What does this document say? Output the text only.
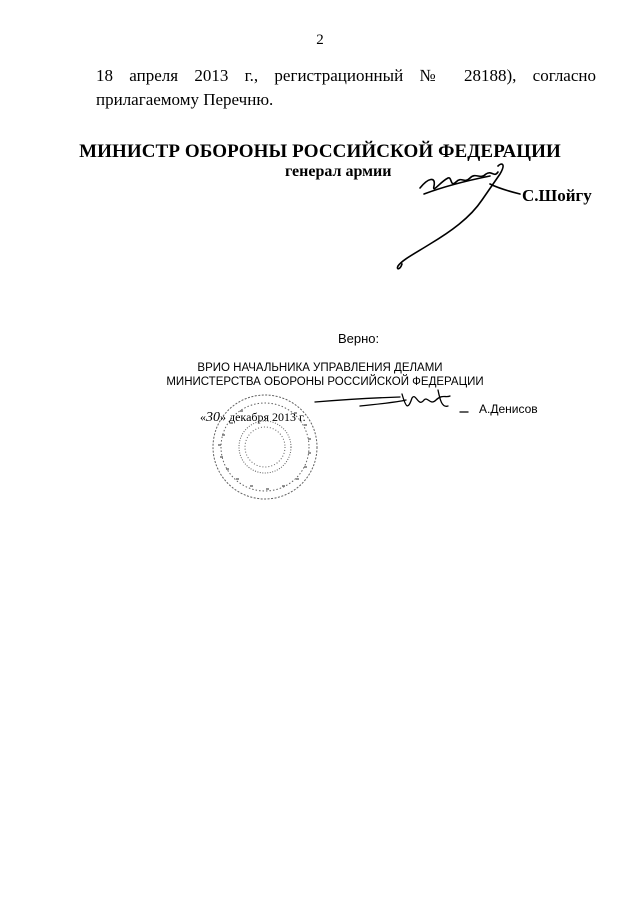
2
18 апреля 2013 г., регистрационный № 28188), согласно
прилагаемому Перечню.
МИНИСТР ОБОРОНЫ РОССИЙСКОЙ ФЕДЕРАЦИИ
генерал армии
С.Шойгу
Верно:
ВРИО НАЧАЛЬНИКА УПРАВЛЕНИЯ ДЕЛАМИ
МИНИСТЕРСТВА ОБОРОНЫ РОССИЙСКОЙ ФЕДЕРАЦИИ
А.Денисов
«30» декабря 2013 г.
